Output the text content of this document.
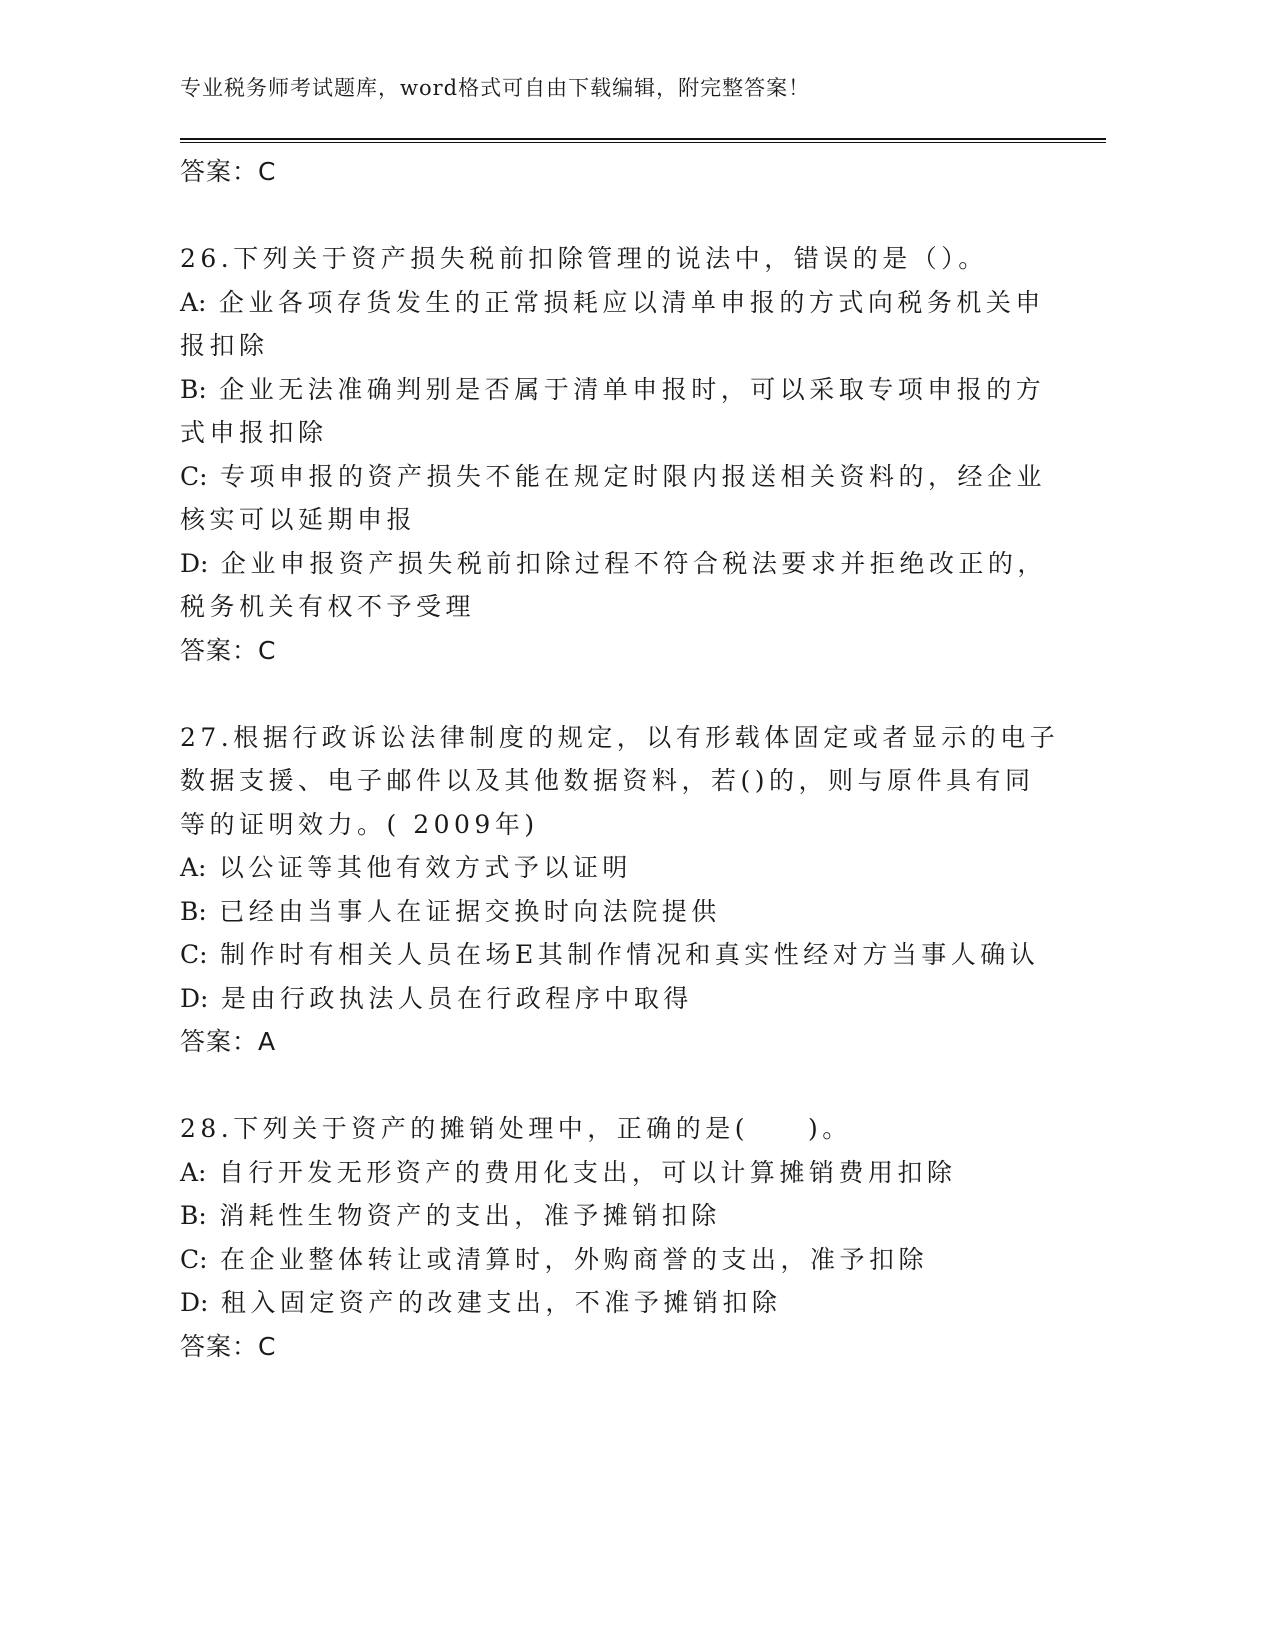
专业税务师考试题库，word格式可自由下载编辑，附完整答案！
答案：C
26.下列关于资产损失税前扣除管理的说法中，错误的是（）。
A: 企业各项存货发生的正常损耗应以清单申报的方式向税务机关申报扣除
B: 企业无法准确判别是否属于清单申报时，可以采取专项申报的方式申报扣除
C: 专项申报的资产损失不能在规定时限内报送相关资料的，经企业核实可以延期申报
D: 企业申报资产损失税前扣除过程不符合税法要求并拒绝改正的，税务机关有权不予受理
答案：C
27.根据行政诉讼法律制度的规定，以有形载体固定或者显示的电子数据支援、电子邮件以及其他数据资料，若()的，则与原件具有同等的证明效力。( 2009年)
A: 以公证等其他有效方式予以证明
B: 已经由当事人在证据交换时向法院提供
C: 制作时有相关人员在场E其制作情况和真实性经对方当事人确认
D: 是由行政执法人员在行政程序中取得
答案：A
28.下列关于资产的摊销处理中，正确的是(　　)。
A: 自行开发无形资产的费用化支出，可以计算摊销费用扣除
B: 消耗性生物资产的支出，准予摊销扣除
C: 在企业整体转让或清算时，外购商誉的支出，准予扣除
D: 租入固定资产的改建支出，不准予摊销扣除
答案：C
